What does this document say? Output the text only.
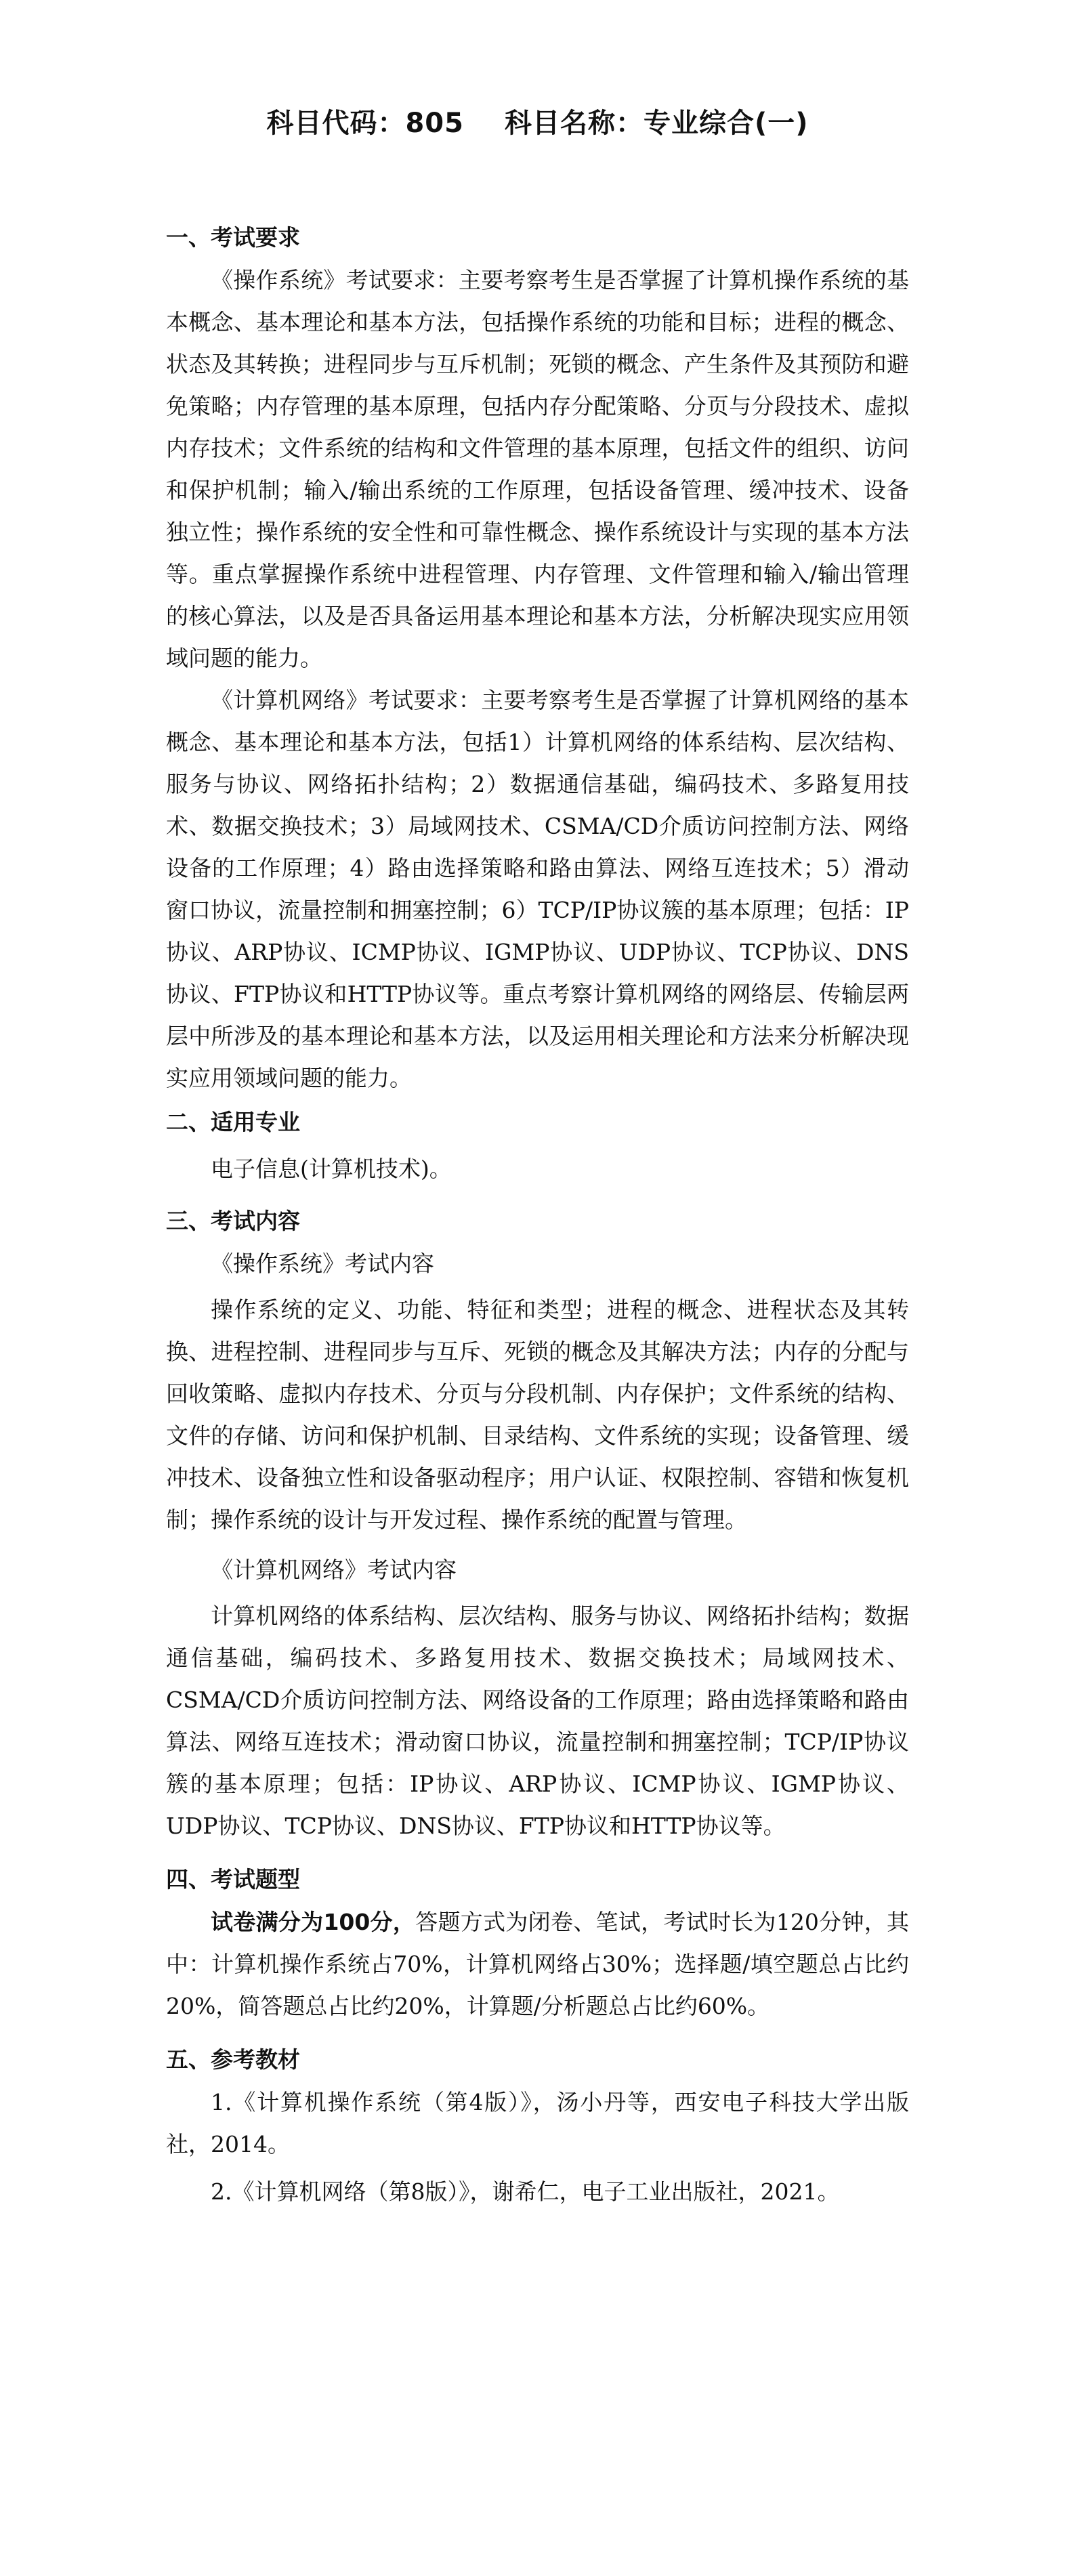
科目代码：805 科目名称：专业综合(一)
一、考试要求

《操作系统》考试要求：主要考察考生是否掌握了计算机操作系统的基本概念、基本理论和基本方法，包括操作系统的功能和目标；进程的概念、状态及其转换；进程同步与互斥机制；死锁的概念、产生条件及其预防和避免策略；内存管理的基本原理，包括内存分配策略、分页与分段技术、虚拟内存技术；文件系统的结构和文件管理的基本原理，包括文件的组织、访问和保护机制；输入/输出系统的工作原理，包括设备管理、缓冲技术、设备独立性；操作系统的安全性和可靠性概念、操作系统设计与实现的基本方法等。重点掌握操作系统中进程管理、内存管理、文件管理和输入/输出管理的核心算法，以及是否具备运用基本理论和基本方法，分析解决现实应用领域问题的能力。

《计算机网络》考试要求：主要考察考生是否掌握了计算机网络的基本概念、基本理论和基本方法，包括1）计算机网络的体系结构、层次结构、服务与协议、网络拓扑结构；2）数据通信基础，编码技术、多路复用技术、数据交换技术；3）局域网技术、CSMA/CD介质访问控制方法、网络设备的工作原理；4）路由选择策略和路由算法、网络互连技术；5）滑动窗口协议，流量控制和拥塞控制；6）TCP/IP协议簇的基本原理；包括：IP协议、ARP协议、ICMP协议、IGMP协议、UDP协议、TCP协议、DNS协议、FTP协议和HTTP协议等。重点考察计算机网络的网络层、传输层两层中所涉及的基本理论和基本方法，以及运用相关理论和方法来分析解决现实应用领域问题的能力。

二、适用专业

电子信息(计算机技术)。

三、考试内容
《操作系统》考试内容

操作系统的定义、功能、特征和类型；进程的概念、进程状态及其转换、进程控制、进程同步与互斥、死锁的概念及其解决方法；内存的分配与回收策略、虚拟内存技术、分页与分段机制、内存保护；文件系统的结构、文件的存储、访问和保护机制、目录结构、文件系统的实现；设备管理、缓冲技术、设备独立性和设备驱动程序；用户认证、权限控制、容错和恢复机制；操作系统的设计与开发过程、操作系统的配置与管理。

《计算机网络》考试内容

计算机网络的体系结构、层次结构、服务与协议、网络拓扑结构；数据通信基础，编码技术、多路复用技术、数据交换技术；局域网技术、CSMA/CD介质访问控制方法、网络设备的工作原理；路由选择策略和路由算法、网络互连技术；滑动窗口协议，流量控制和拥塞控制；TCP/IP协议簇的基本原理；包括：IP协议、ARP协议、ICMP协议、IGMP协议、UDP协议、TCP协议、DNS协议、FTP协议和HTTP协议等。

四、考试题型

试卷满分为100分，答题方式为闭卷、笔试，考试时长为120分钟，其中：计算机操作系统占70%，计算机网络占30%；选择题/填空题总占比约20%，简答题总占比约20%，计算题/分析题总占比约60%。

五、参考教材

1.《计算机操作系统（第4版）》，汤小丹等，西安电子科技大学出版社，2014。

2.《计算机网络（第8版）》，谢希仁，电子工业出版社，2021。
